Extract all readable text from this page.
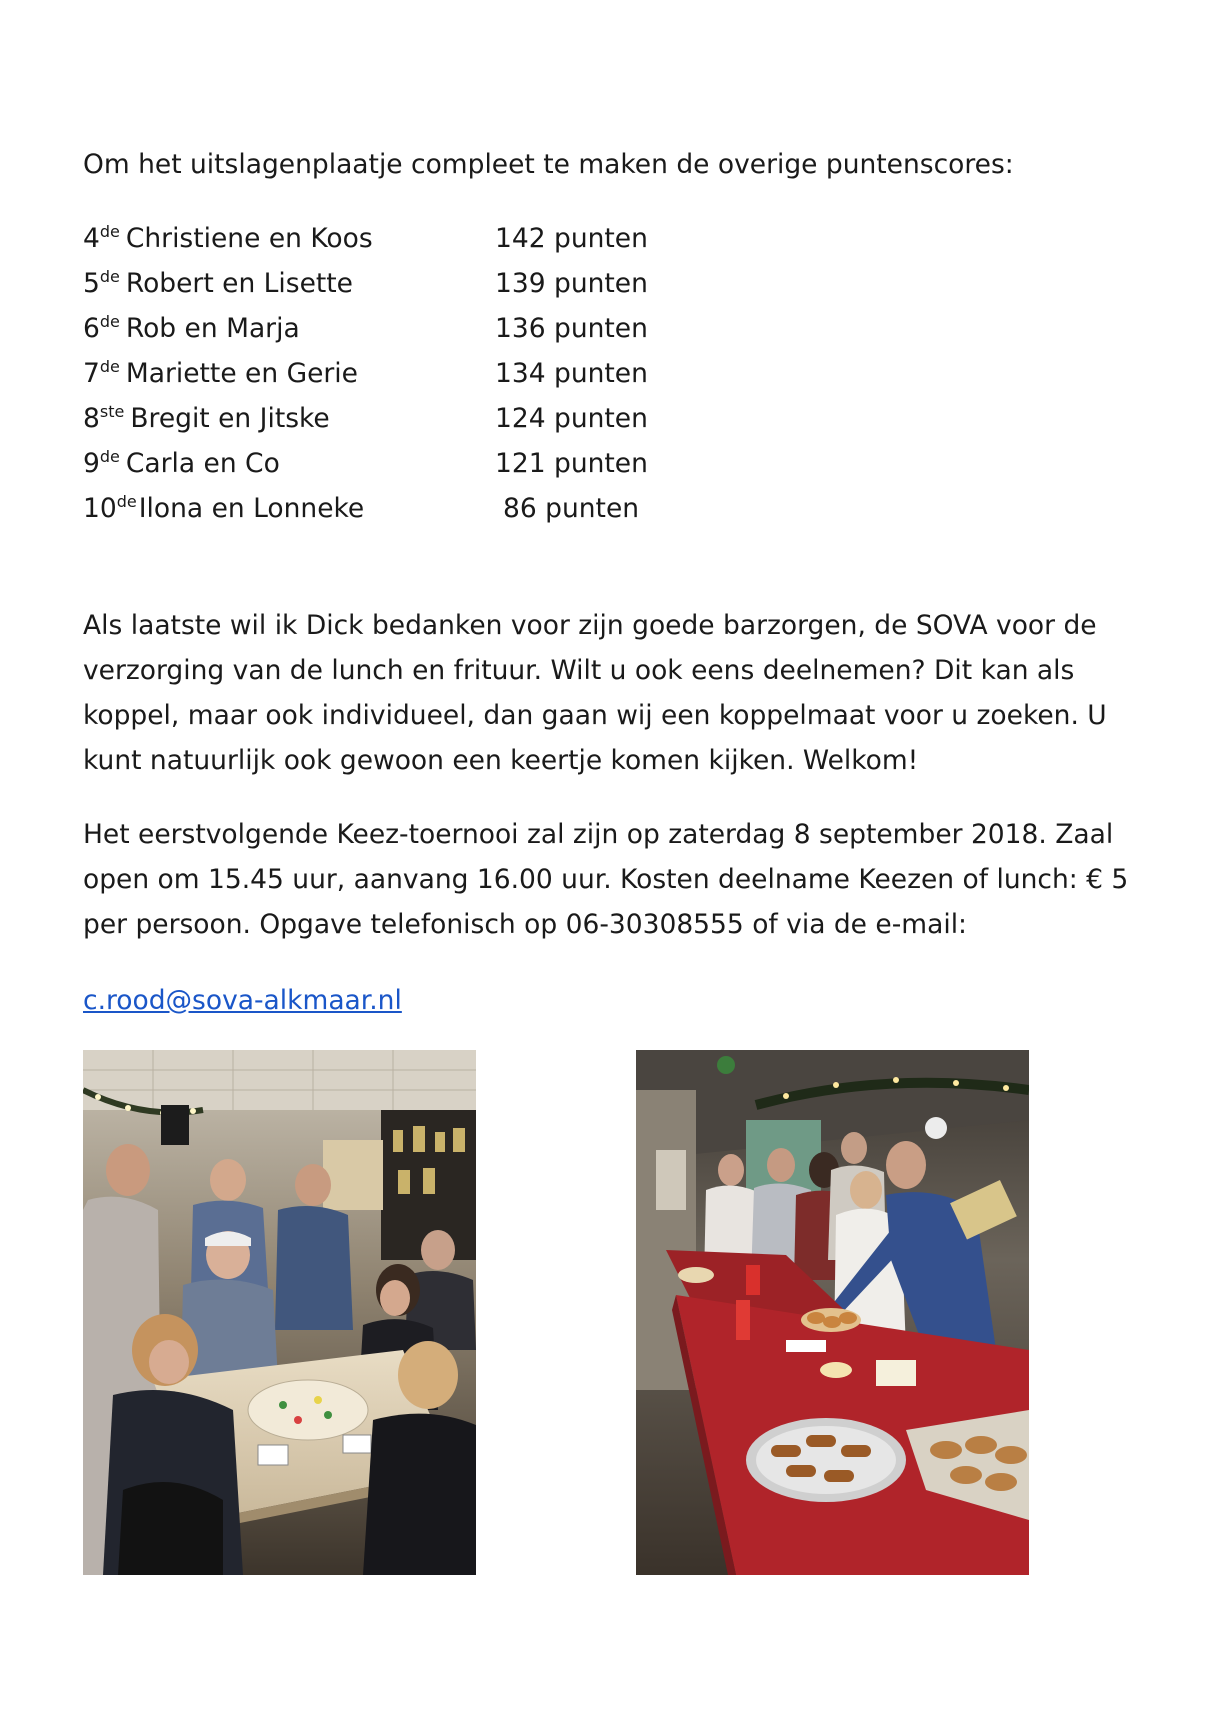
Om het uitslagenplaatje compleet te maken de overige puntenscores:

4de Christiene en Koos	142 punten
5de Robert en Lisette	139 punten
6de Rob en Marja	136 punten
7de Mariette en Gerie	134 punten
8ste Bregit en Jitske	124 punten
9de Carla en Co	121 punten
10deIlona en Lonneke	86 punten

Als laatste wil ik Dick bedanken voor zijn goede barzorgen, de SOVA voor de verzorging van de lunch en frituur. Wilt u ook eens deelnemen? Dit kan als koppel, maar ook individueel, dan gaan wij een koppelmaat voor u zoeken. U kunt natuurlijk ook gewoon een keertje komen kijken. Welkom!

Het eerstvolgende Keez-toernooi zal zijn op zaterdag 8 september 2018. Zaal open om 15.45 uur, aanvang 16.00 uur. Kosten deelname Keezen of lunch: € 5 per persoon. Opgave telefonisch op 06-30308555 of via de e-mail:

c.rood@sova-alkmaar.nl
